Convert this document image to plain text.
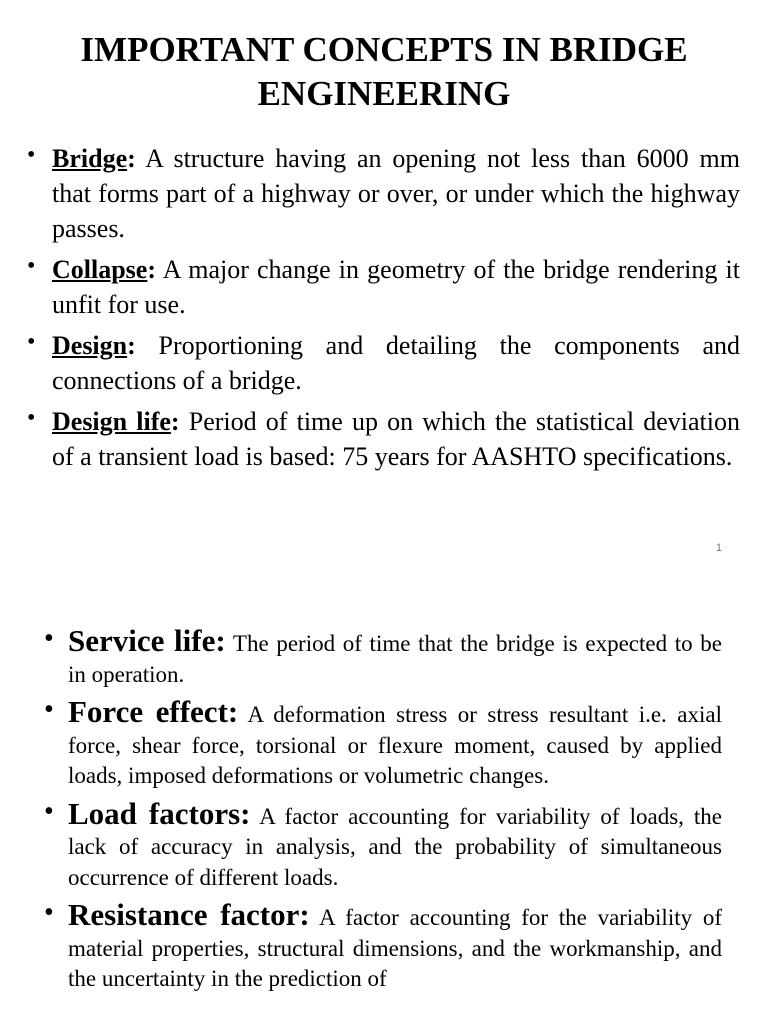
IMPORTANT CONCEPTS IN BRIDGE
ENGINEERING
• Bridge: A structure having an opening not less than 6000 mm that forms part of a highway or over, or under which the highway passes.
• Collapse: A major change in geometry of the bridge rendering it unfit for use.
• Design: Proportioning and detailing the components and connections of a bridge.
• Design life: Period of time up on which the statistical deviation of a transient load is based: 75 years for AASHTO specifications.
1
• Service life: The period of time that the bridge is expected to be in operation.
• Force effect: A deformation stress or stress resultant i.e. axial force, shear force, torsional or flexure moment, caused by applied loads, imposed deformations or volumetric changes.
• Load factors: A factor accounting for variability of loads, the lack of accuracy in analysis, and the probability of simultaneous occurrence of different loads.
• Resistance factor: A factor accounting for the variability of material properties, structural dimensions, and the workmanship, and the uncertainty in the prediction of
